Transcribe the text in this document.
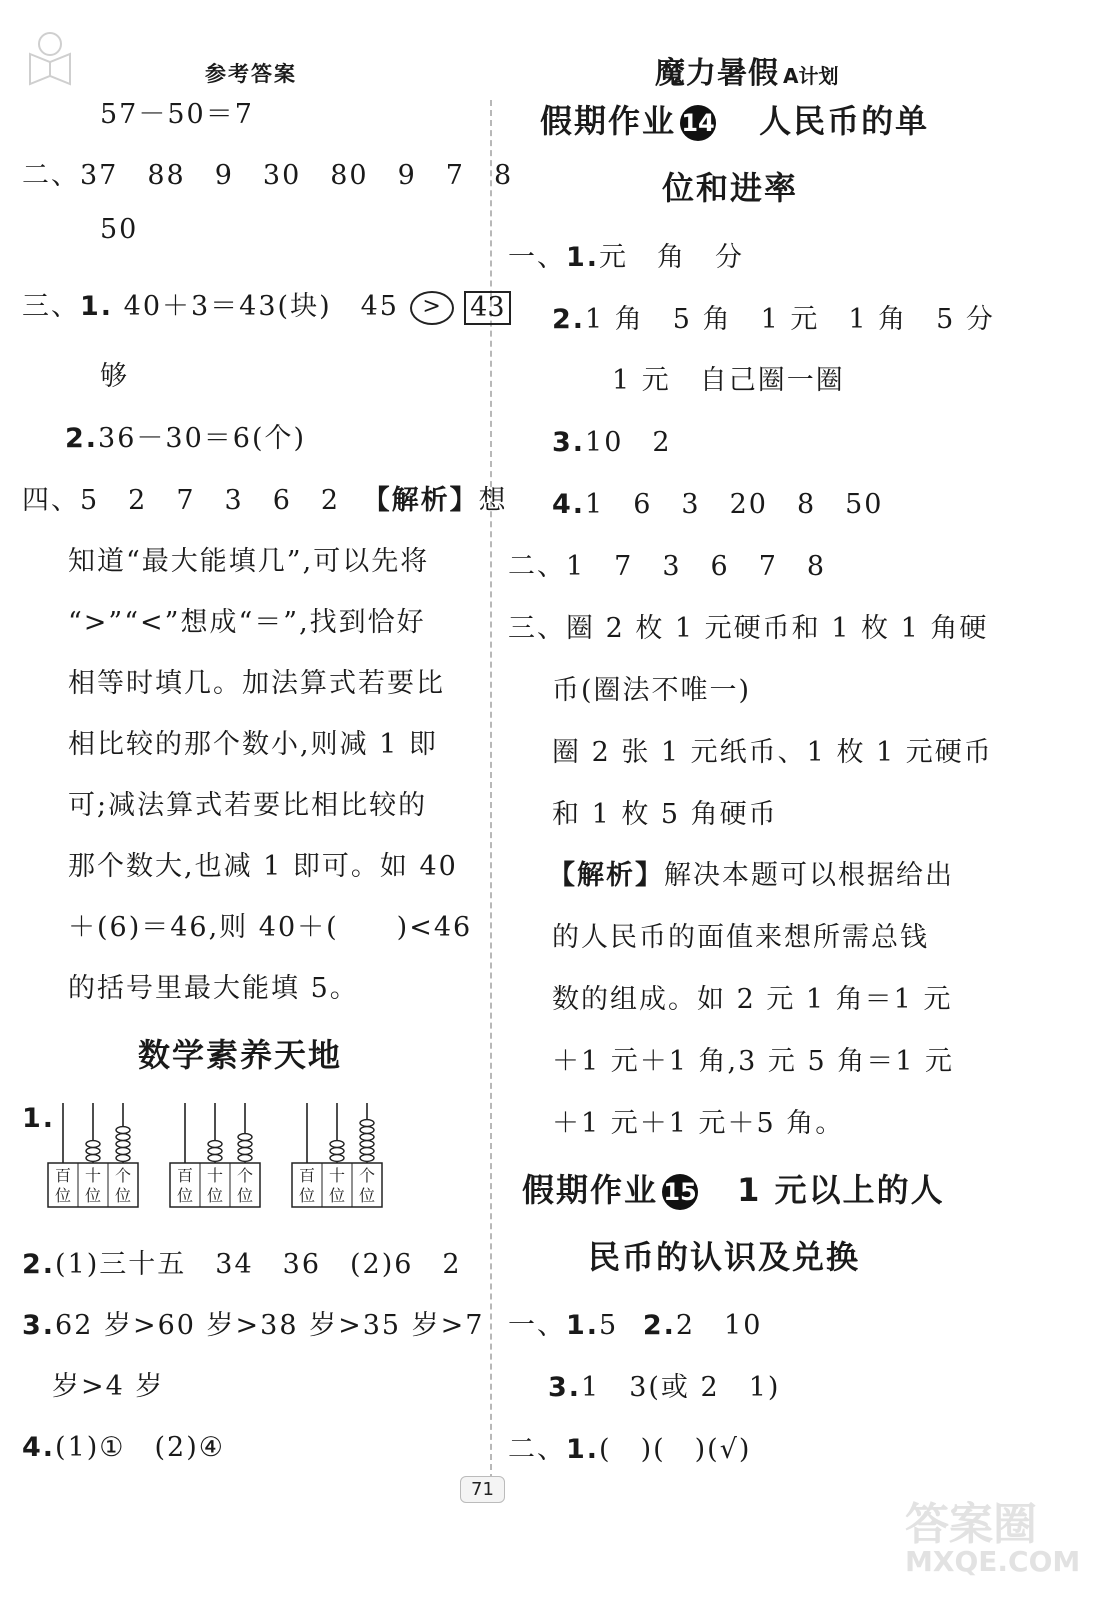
参考答案	魔力暑假 A计划
57－50＝7
二、37　88　9　30　80　9　7　8
50
三、1. 40＋3＝43(块)　45 > 43
够
2.36－30＝6(个)
四、5　2　7　3　6　2 【解析】想
知道“最大能填几”,可以先将
“>”“<”想成“＝”,找到恰好
相等时填几。加法算式若要比
相比较的那个数小,则减 1 即
可;减法算式若要比相比较的
那个数大,也减 1 即可。如 40
＋(6)＝46,则 40＋(　　)<46
的括号里最大能填 5。
数学素养天地
1.
百
位
十
位
个
位
百
位
十
位
个
位
百
位
十
位
个
位
2.(1)三十五　34　36　(2)6　2
3.62 岁>60 岁>38 岁>35 岁>7
岁>4 岁
4.(1)①　(2)④
假期作业 14 人民币的单
位和进率
一、1.元　角　分
2.1 角　5 角　1 元　1 角　5 分
1 元　自己圈一圈
3.10　2
4.1　6　3　20　8　50
二、1　7　3　6　7　8
三、圈 2 枚 1 元硬币和 1 枚 1 角硬
币(圈法不唯一)
圈 2 张 1 元纸币、1 枚 1 元硬币
和 1 枚 5 角硬币
【解析】解决本题可以根据给出
的人民币的面值来想所需总钱
数的组成。如 2 元 1 角＝1 元
＋1 元＋1 角,3 元 5 角＝1 元
＋1 元＋1 元＋5 角。
假期作业 15 1 元以上的人
民币的认识及兑换
一、1.5 2.2　10
3.1　3(或 2　1)
二、1.(　)(　)(√)
71
答案圈
MXQE.COM
